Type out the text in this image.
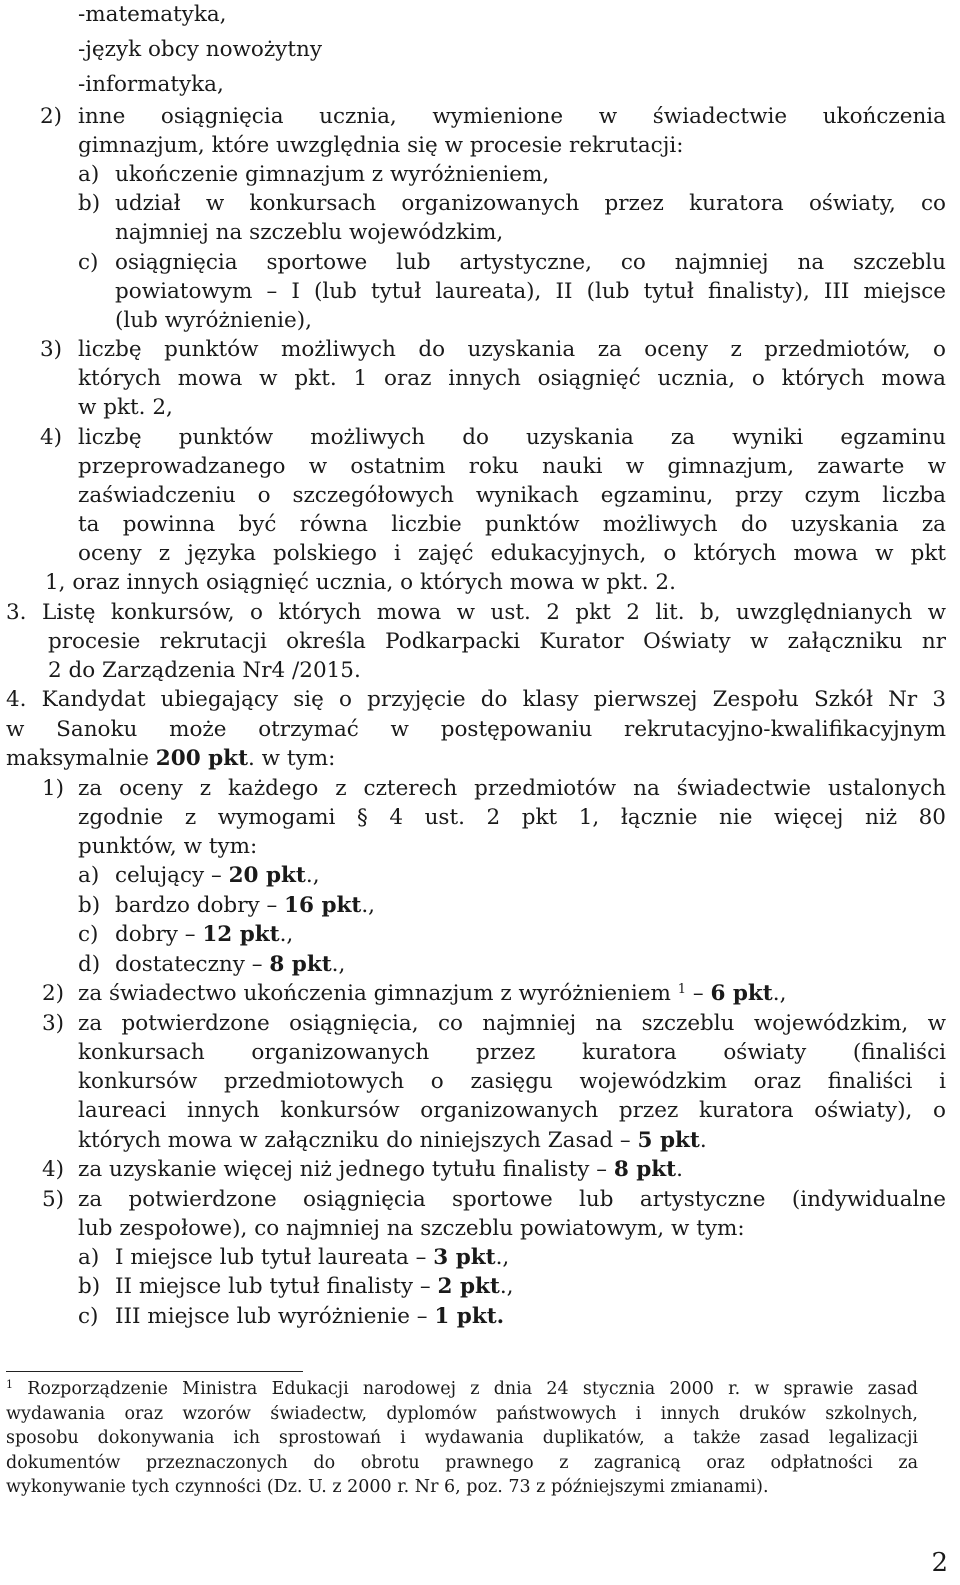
-matematyka,
-język obcy nowożytny
-informatyka,
2) inne osiągnięcia ucznia, wymienione w świadectwie ukończenia
gimnazjum, które uwzględnia się w procesie rekrutacji:
a) ukończenie gimnazjum z wyróżnieniem,
b) udział w konkursach organizowanych przez kuratora oświaty, co
najmniej na szczeblu wojewódzkim,
c) osiągnięcia sportowe lub artystyczne, co najmniej na szczeblu
powiatowym – I (lub tytuł laureata), II (lub tytuł finalisty), III miejsce
(lub wyróżnienie),
3) liczbę punktów możliwych do uzyskania za oceny z przedmiotów, o
których mowa w pkt. 1 oraz innych osiągnięć ucznia, o których mowa
w pkt. 2,
4) liczbę punktów możliwych do uzyskania za wyniki egzaminu
przeprowadzanego w ostatnim roku nauki w gimnazjum, zawarte w
zaświadczeniu o szczegółowych wynikach egzaminu, przy czym liczba
ta powinna być równa liczbie punktów możliwych do uzyskania za
oceny z języka polskiego i zajęć edukacyjnych, o których mowa w pkt
1, oraz innych osiągnięć ucznia, o których mowa w pkt. 2.
3. Listę konkursów, o których mowa w ust. 2 pkt 2 lit. b, uwzględnianych w
procesie rekrutacji określa Podkarpacki Kurator Oświaty w załączniku nr
2 do Zarządzenia Nr4 /2015.
4. Kandydat ubiegający się o przyjęcie do klasy pierwszej Zespołu Szkół Nr 3
w Sanoku może otrzymać w postępowaniu rekrutacyjno-kwalifikacyjnym
maksymalnie 200 pkt. w tym:
1) za oceny z każdego z czterech przedmiotów na świadectwie ustalonych
zgodnie z wymogami § 4 ust. 2 pkt 1, łącznie nie więcej niż 80
punktów, w tym:
a) celujący – 20 pkt.,
b) bardzo dobry – 16 pkt.,
c) dobry – 12 pkt.,
d) dostateczny – 8 pkt.,
2) za świadectwo ukończenia gimnazjum z wyróżnieniem $^1$ – 6 pkt.,
3) za potwierdzone osiągnięcia, co najmniej na szczeblu wojewódzkim, w
konkursach organizowanych przez kuratora oświaty (finaliści
konkursów przedmiotowych o zasięgu wojewódzkim oraz finaliści i
laureaci innych konkursów organizowanych przez kuratora oświaty), o
których mowa w załączniku do niniejszych Zasad – 5 pkt.
4) za uzyskanie więcej niż jednego tytułu finalisty – 8 pkt.
5) za potwierdzone osiągnięcia sportowe lub artystyczne (indywidualne
lub zespołowe), co najmniej na szczeblu powiatowym, w tym:
a) I miejsce lub tytuł laureata – 3 pkt.,
b) II miejsce lub tytuł finalisty – 2 pkt.,
c) III miejsce lub wyróżnienie – 1 pkt.
$^1$ Rozporządzenie Ministra Edukacji narodowej z dnia 24 stycznia 2000 r. w sprawie zasad
wydawania oraz wzorów świadectw, dyplomów państwowych i innych druków szkolnych,
sposobu dokonywania ich sprostowań i wydawania duplikatów, a także zasad legalizacji
dokumentów przeznaczonych do obrotu prawnego z zagranicą oraz odpłatności za
wykonywanie tych czynności (Dz. U. z 2000 r. Nr 6, poz. 73 z późniejszymi zmianami).
2
